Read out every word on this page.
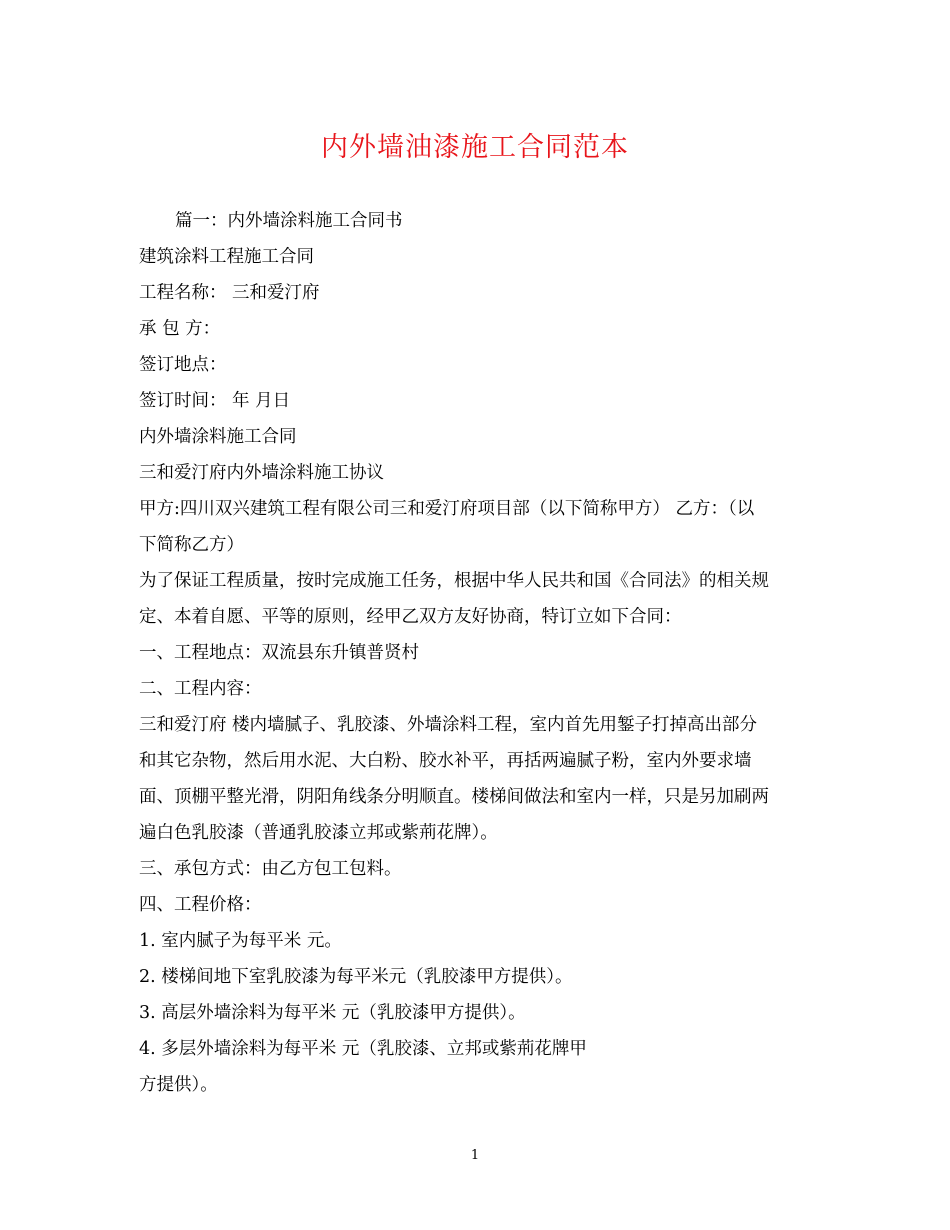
内外墙油漆施工合同范本
篇一：内外墙涂料施工合同书
建筑涂料工程施工合同
工程名称： 三和爱汀府
承 包 方：
签订地点：
签订时间： 年 月日
内外墙涂料施工合同
三和爱汀府内外墙涂料施工协议
甲方:四川双兴建筑工程有限公司三和爱汀府项目部（以下简称甲方） 乙方：（以
下简称乙方）
为了保证工程质量，按时完成施工任务，根据中华人民共和国《合同法》的相关规
定、本着自愿、平等的原则，经甲乙双方友好协商，特订立如下合同：
一、工程地点：双流县东升镇普贤村
二、工程内容：
三和爱汀府 楼内墙腻子、乳胶漆、外墙涂料工程，室内首先用錾子打掉高出部分
和其它杂物，然后用水泥、大白粉、胶水补平，再括两遍腻子粉，室内外要求墙
面、顶棚平整光滑，阴阳角线条分明顺直。楼梯间做法和室内一样，只是另加刷两
遍白色乳胶漆（普通乳胶漆立邦或紫荊花牌）。
三、承包方式：由乙方包工包料。
四、工程价格：
1. 室内腻子为每平米 元。
2. 楼梯间地下室乳胶漆为每平米元（乳胶漆甲方提供）。
3. 高层外墙涂料为每平米 元（乳胶漆甲方提供）。
4. 多层外墙涂料为每平米 元（乳胶漆、立邦或紫荊花牌甲
方提供）。
1
